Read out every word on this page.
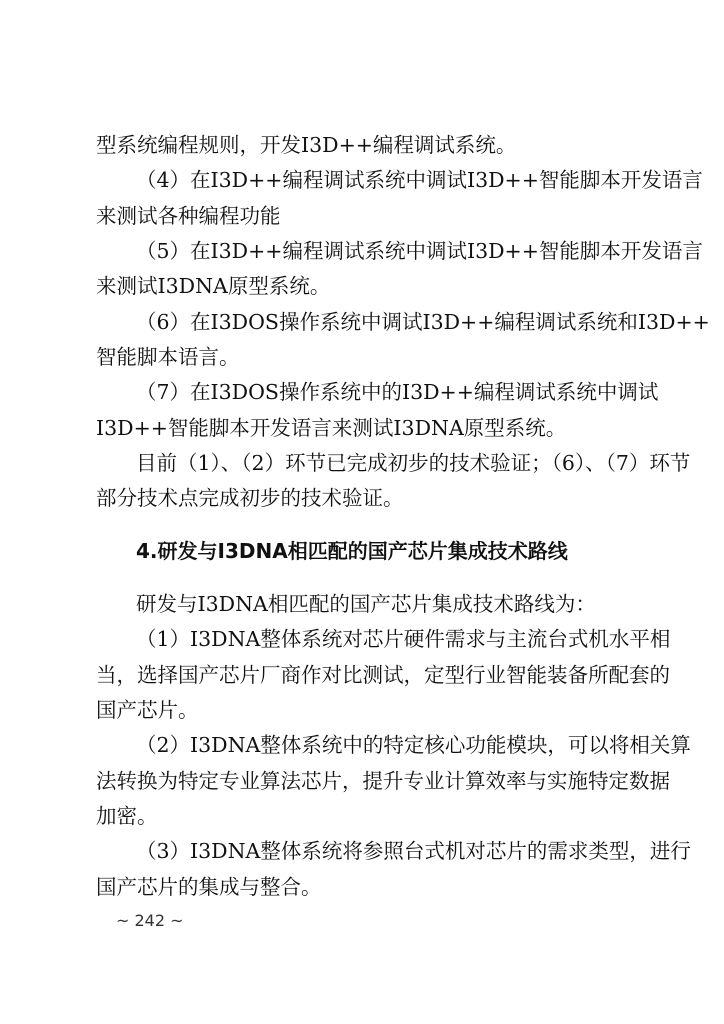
型系统编程规则，开发I3D++编程调试系统。
（4）在I3D++编程调试系统中调试I3D++智能脚本开发语言
来测试各种编程功能
（5）在I3D++编程调试系统中调试I3D++智能脚本开发语言
来测试I3DNA原型系统。
（6）在I3DOS操作系统中调试I3D++编程调试系统和I3D++
智能脚本语言。
（7）在I3DOS操作系统中的I3D++编程调试系统中调试
I3D++智能脚本开发语言来测试I3DNA原型系统。
目前（1）、（2）环节已完成初步的技术验证；（6）、（7）环节
部分技术点完成初步的技术验证。
4.研发与I3DNA相匹配的国产芯片集成技术路线
研发与I3DNA相匹配的国产芯片集成技术路线为：
（1）I3DNA整体系统对芯片硬件需求与主流台式机水平相
当，选择国产芯片厂商作对比测试，定型行业智能装备所配套的
国产芯片。
（2）I3DNA整体系统中的特定核心功能模块，可以将相关算
法转换为特定专业算法芯片，提升专业计算效率与实施特定数据
加密。
（3）I3DNA整体系统将参照台式机对芯片的需求类型，进行
国产芯片的集成与整合。
~ 242 ~
